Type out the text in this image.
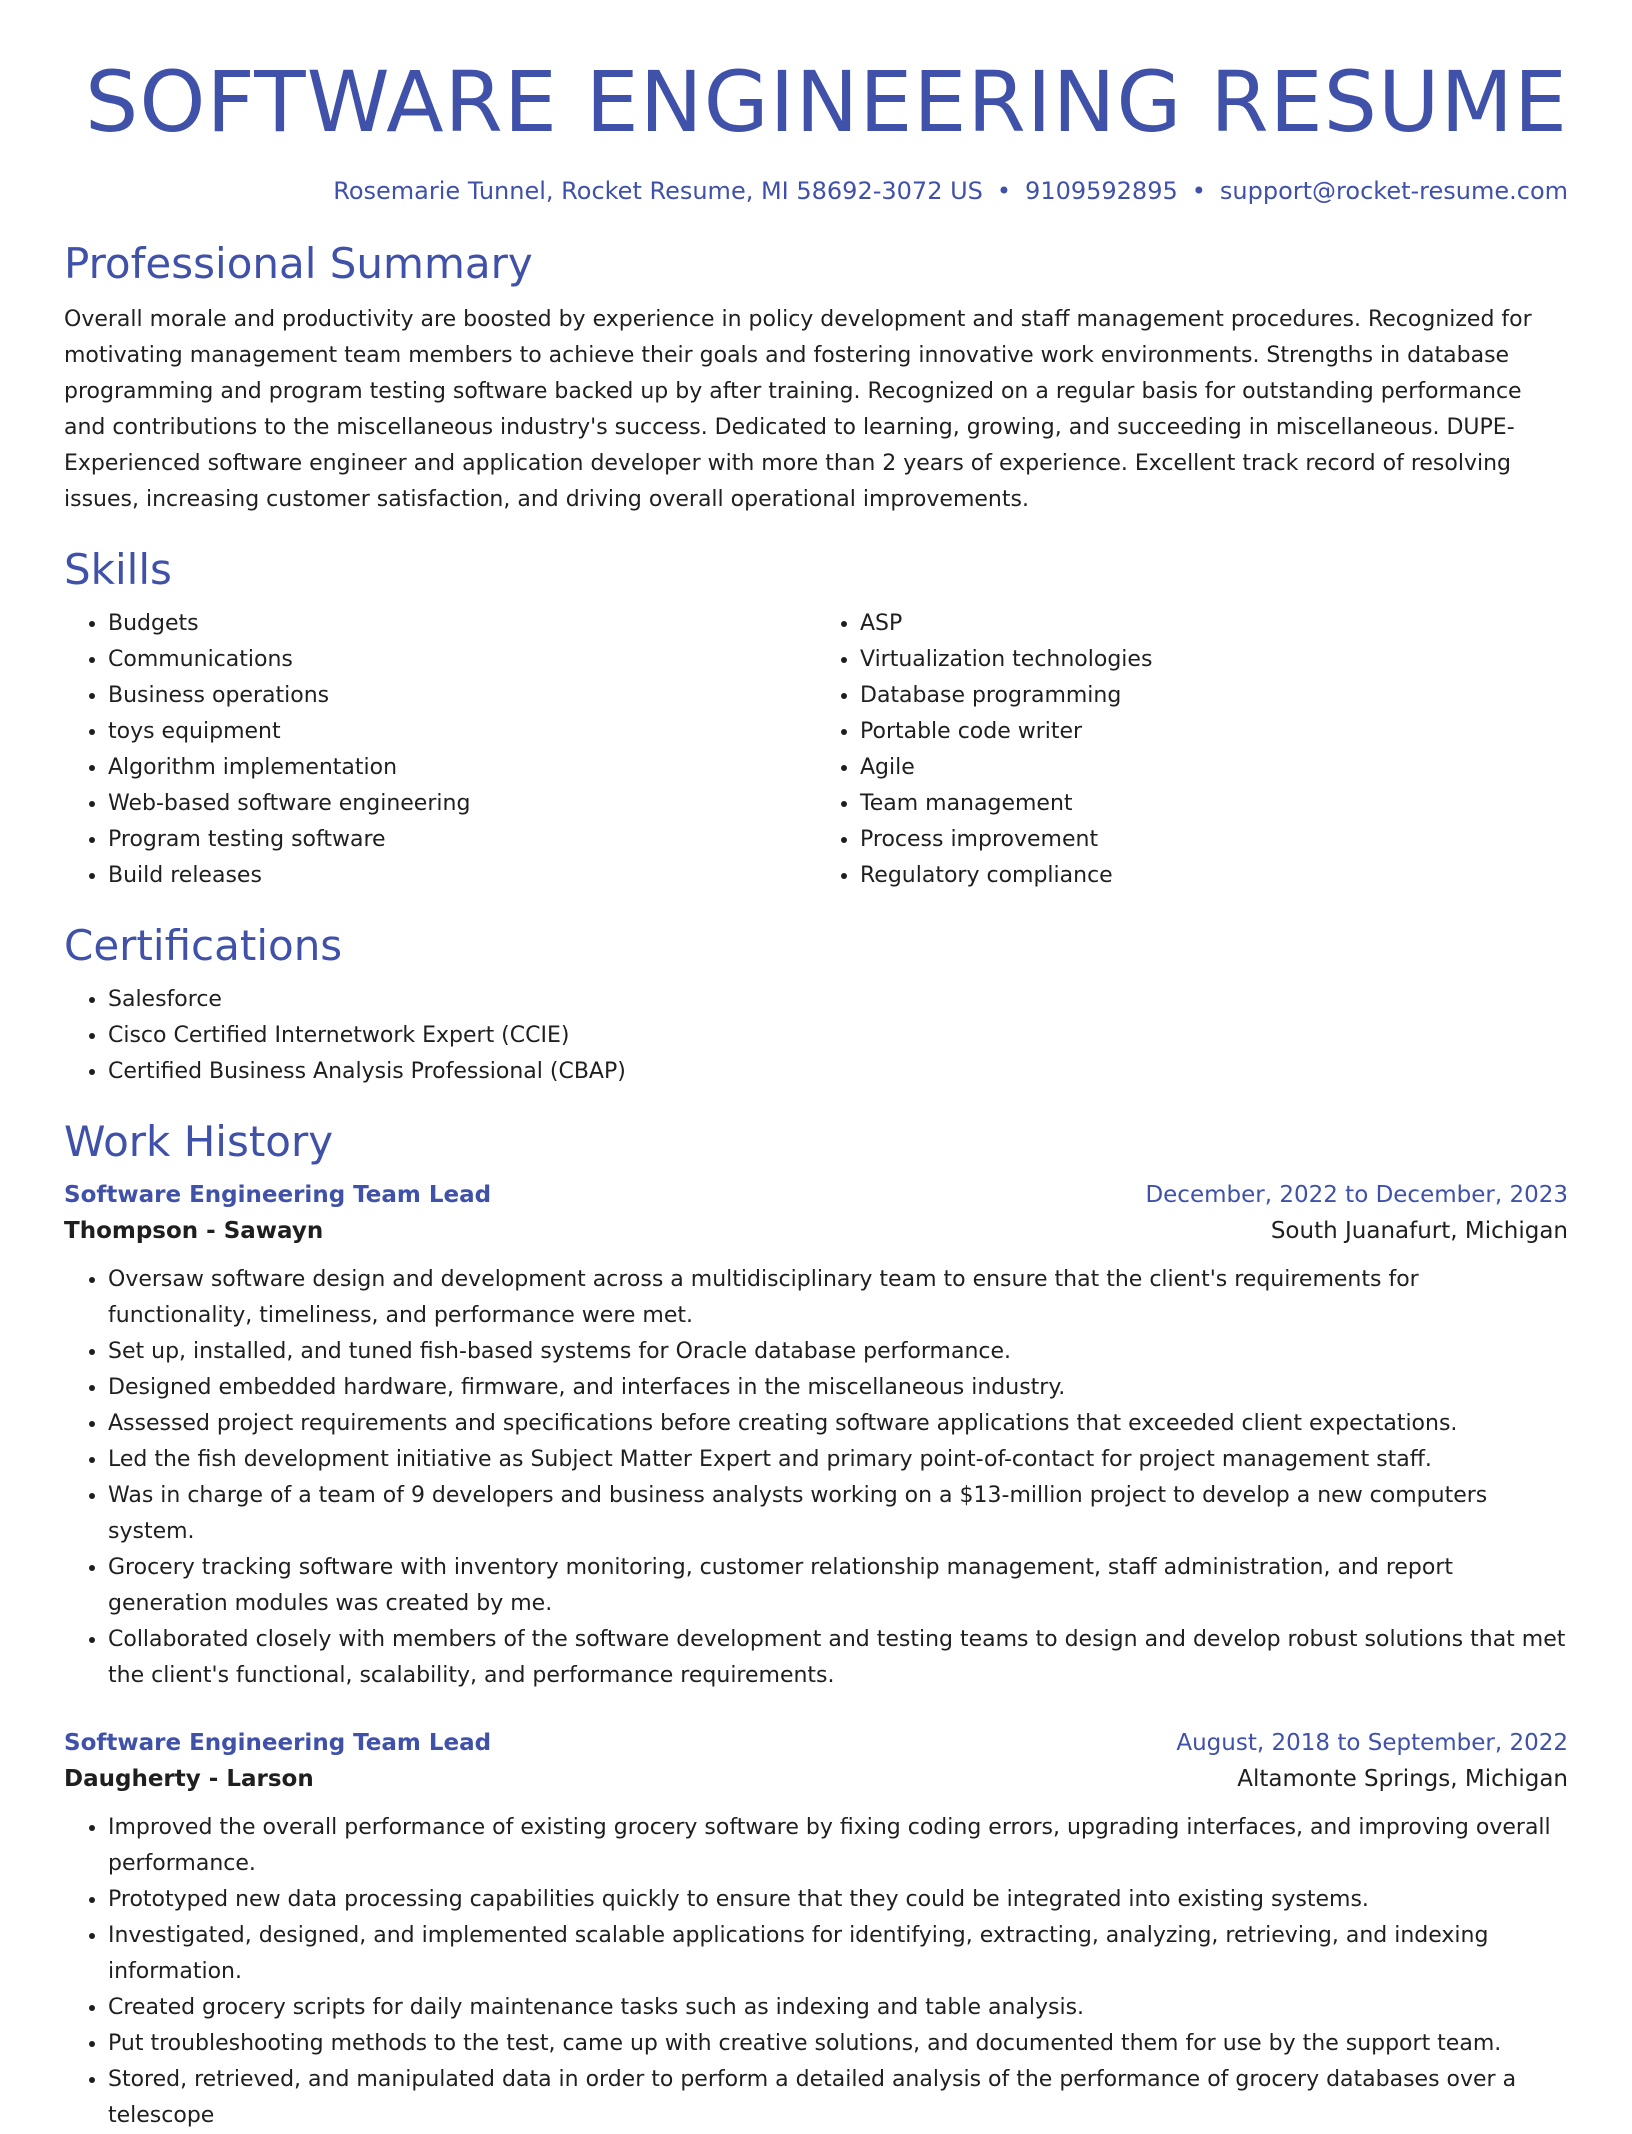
SOFTWARE ENGINEERING RESUME
Rosemarie Tunnel, Rocket Resume, MI 58692-3072 US • 9109592895 • support@rocket-resume.com
Professional Summary

Overall morale and productivity are boosted by experience in policy development and staff management procedures. Recognized for motivating management team members to achieve their goals and fostering innovative work environments. Strengths in database programming and program testing software backed up by after training. Recognized on a regular basis for outstanding performance and contributions to the miscellaneous industry's success. Dedicated to learning, growing, and succeeding in miscellaneous. DUPE- Experienced software engineer and application developer with more than 2 years of experience. Excellent track record of resolving issues, increasing customer satisfaction, and driving overall operational improvements.

Skills
• Budgets
• Communications
• Business operations
• toys equipment
• Algorithm implementation
• Web-based software engineering
• Program testing software
• Build releases
• ASP
• Virtualization technologies
• Database programming
• Portable code writer
• Agile
• Team management
• Process improvement
• Regulatory compliance
Certifications
• Salesforce
• Cisco Certified Internetwork Expert (CCIE)
• Certified Business Analysis Professional (CBAP)
Work History
Software Engineering Team Lead	December, 2022 to December, 2023
Thompson - Sawayn	South Juanafurt, Michigan
• Oversaw software design and development across a multidisciplinary team to ensure that the client's requirements for functionality, timeliness, and performance were met.
• Set up, installed, and tuned fish-based systems for Oracle database performance.
• Designed embedded hardware, firmware, and interfaces in the miscellaneous industry.
• Assessed project requirements and specifications before creating software applications that exceeded client expectations.
• Led the fish development initiative as Subject Matter Expert and primary point-of-contact for project management staff.
• Was in charge of a team of 9 developers and business analysts working on a $13-million project to develop a new computers system.
• Grocery tracking software with inventory monitoring, customer relationship management, staff administration, and report generation modules was created by me.
• Collaborated closely with members of the software development and testing teams to design and develop robust solutions that met the client's functional, scalability, and performance requirements.
Software Engineering Team Lead	August, 2018 to September, 2022
Daugherty - Larson	Altamonte Springs, Michigan
• Improved the overall performance of existing grocery software by fixing coding errors, upgrading interfaces, and improving overall performance.
• Prototyped new data processing capabilities quickly to ensure that they could be integrated into existing systems.
• Investigated, designed, and implemented scalable applications for identifying, extracting, analyzing, retrieving, and indexing information.
• Created grocery scripts for daily maintenance tasks such as indexing and table analysis.
• Put troubleshooting methods to the test, came up with creative solutions, and documented them for use by the support team.
• Stored, retrieved, and manipulated data in order to perform a detailed analysis of the performance of grocery databases over a telescope
